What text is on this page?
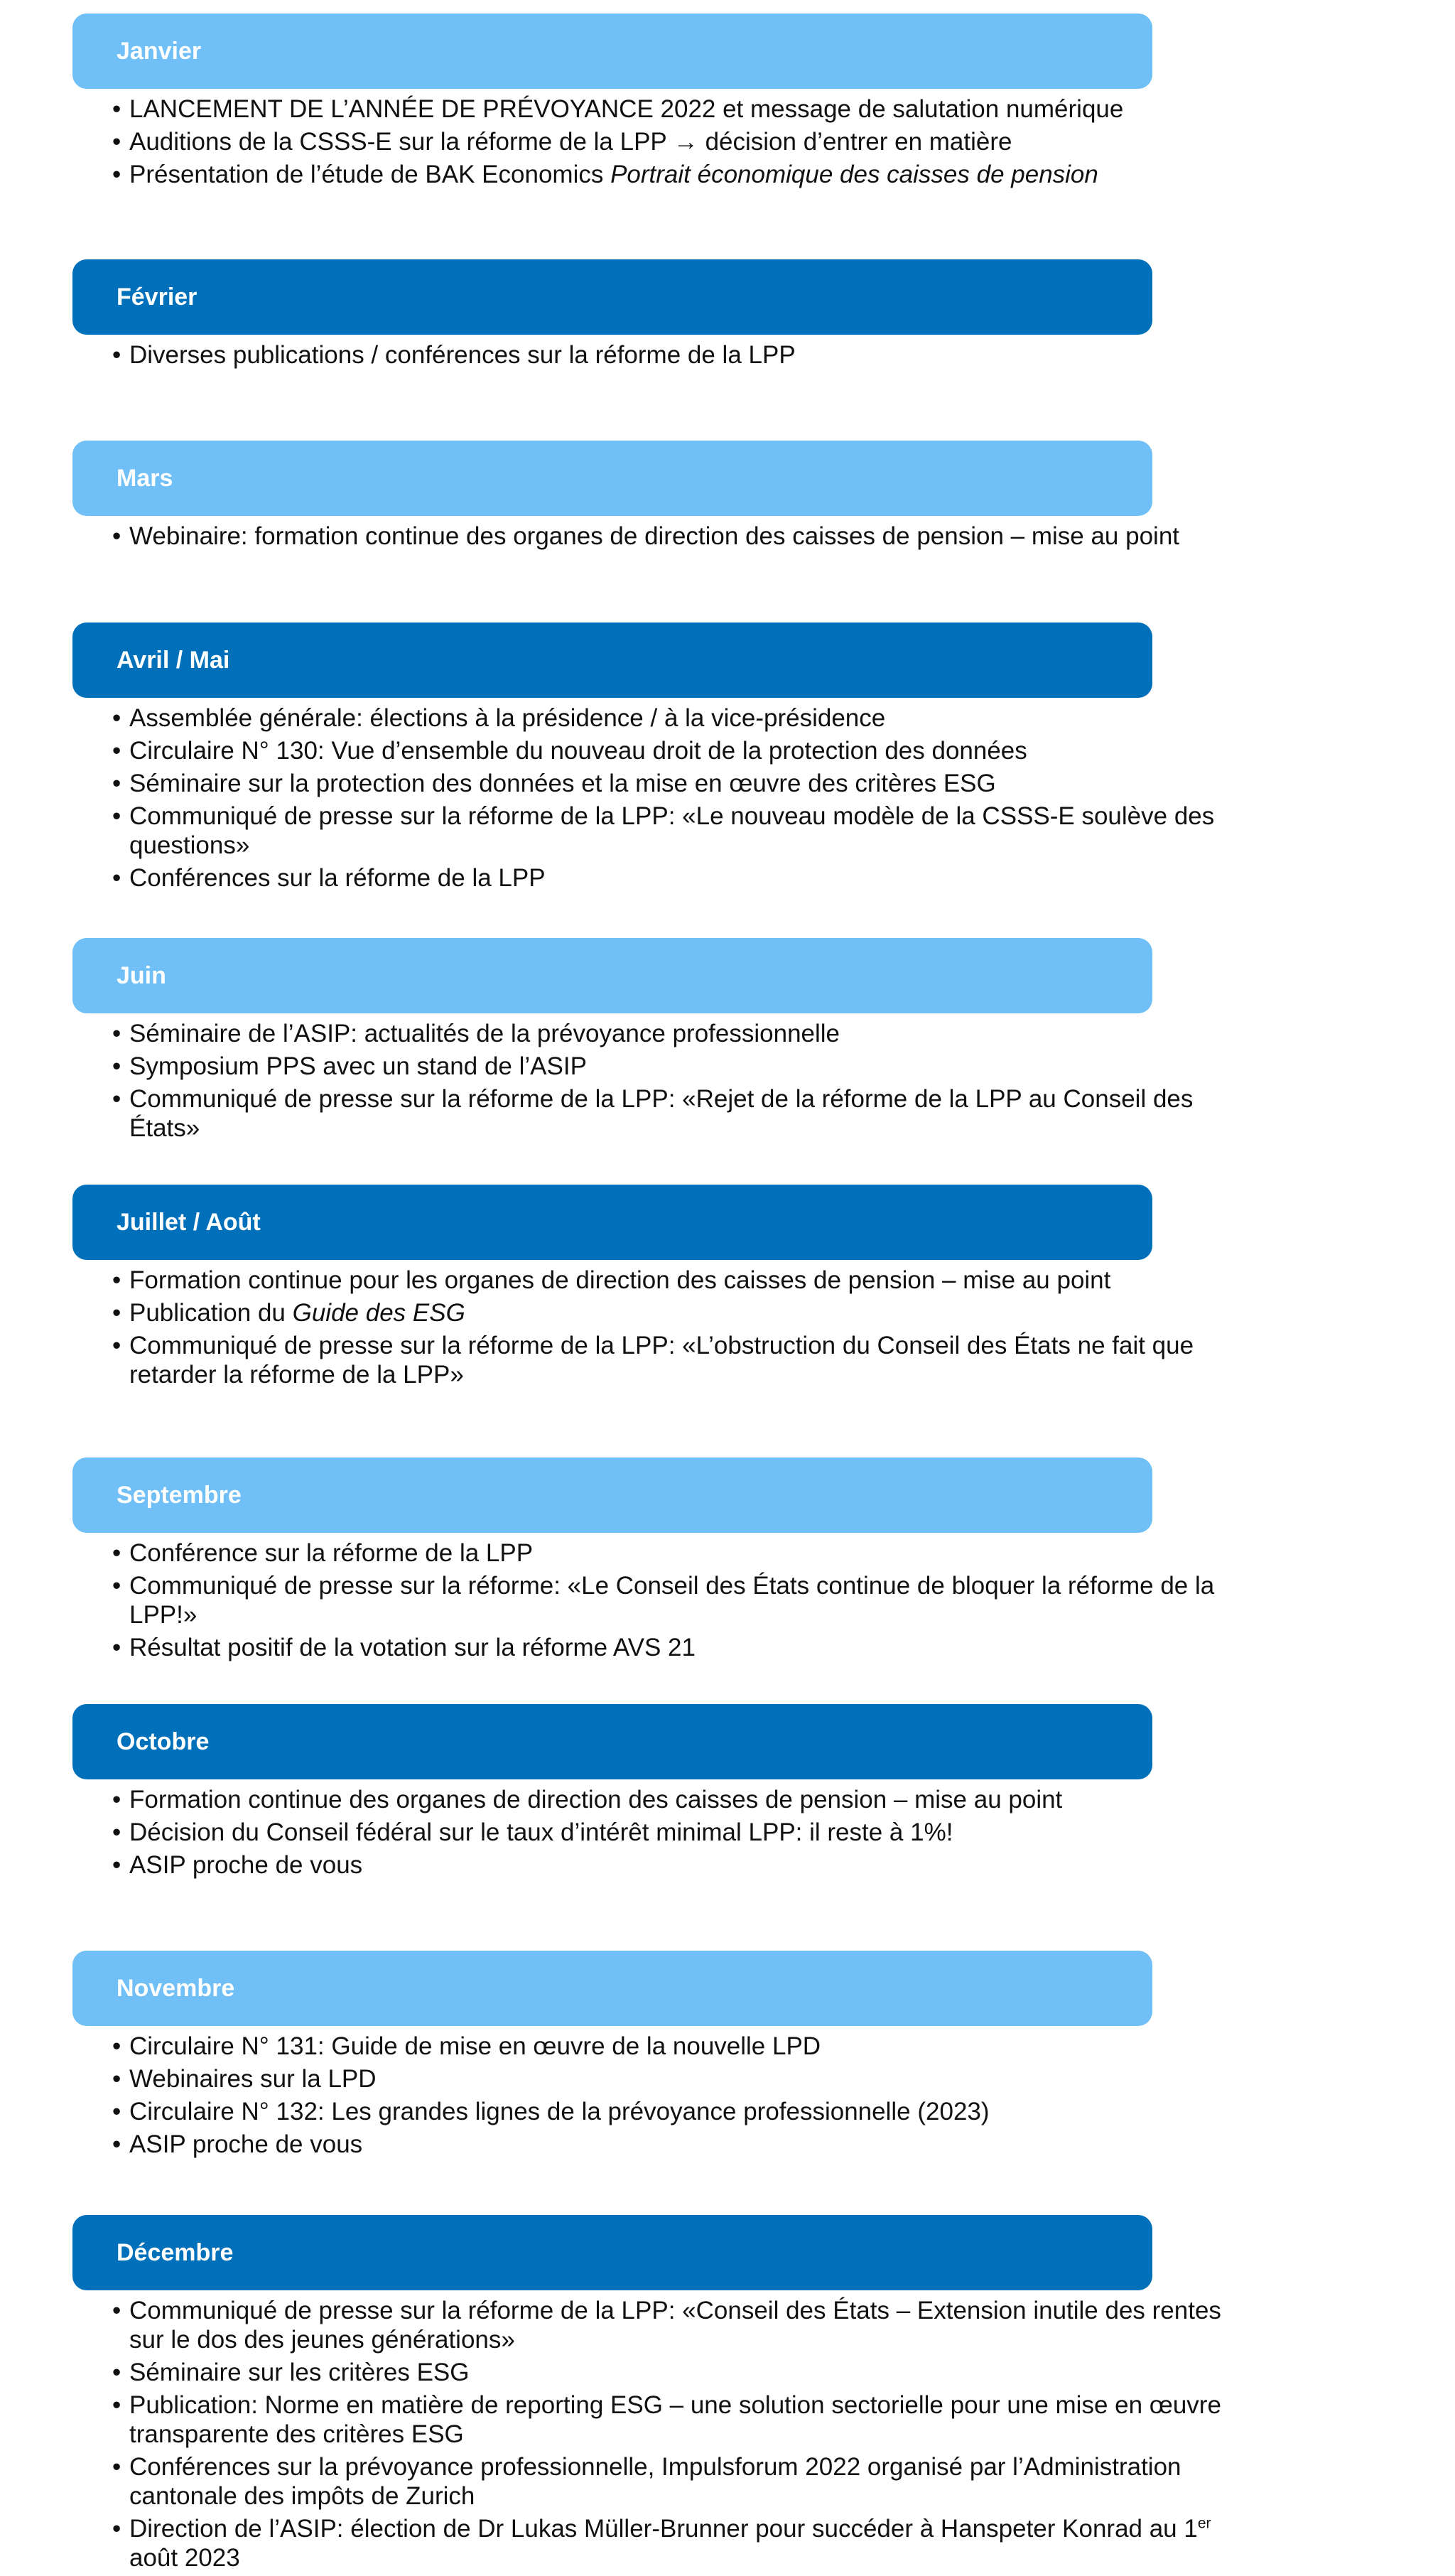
Janvier
• LANCEMENT DE L’ANNÉE DE PRÉVOYANCE 2022 et message de salutation numérique
• Auditions de la CSSS-E sur la réforme de la LPP → décision d’entrer en matière
• Présentation de l’étude de BAK Economics Portrait économique des caisses de pension
Février
• Diverses publications / conférences sur la réforme de la LPP
Mars
• Webinaire: formation continue des organes de direction des caisses de pension – mise au point
Avril / Mai
• Assemblée générale: élections à la présidence / à la vice-présidence
• Circulaire N° 130: Vue d’ensemble du nouveau droit de la protection des données
• Séminaire sur la protection des données et la mise en œuvre des critères ESG
• Communiqué de presse sur la réforme de la LPP: «Le nouveau modèle de la CSSS-E soulève des questions»
• Conférences sur la réforme de la LPP
Juin
• Séminaire de l’ASIP: actualités de la prévoyance professionnelle
• Symposium PPS avec un stand de l’ASIP
• Communiqué de presse sur la réforme de la LPP: «Rejet de la réforme de la LPP au Conseil des États»
Juillet / Août
• Formation continue pour les organes de direction des caisses de pension – mise au point
• Publication du Guide des ESG
• Communiqué de presse sur la réforme de la LPP: «L’obstruction du Conseil des États ne fait que retarder la réforme de la LPP»
Septembre
• Conférence sur la réforme de la LPP
• Communiqué de presse sur la réforme: «Le Conseil des États continue de bloquer la réforme de la LPP!»
• Résultat positif de la votation sur la réforme AVS 21
Octobre
• Formation continue des organes de direction des caisses de pension – mise au point
• Décision du Conseil fédéral sur le taux d’intérêt minimal LPP: il reste à 1%!
• ASIP proche de vous
Novembre
• Circulaire N° 131: Guide de mise en œuvre de la nouvelle LPD
• Webinaires sur la LPD
• Circulaire N° 132: Les grandes lignes de la prévoyance professionnelle (2023)
• ASIP proche de vous
Décembre
• Communiqué de presse sur la réforme de la LPP: «Conseil des États – Extension inutile des rentes sur le dos des jeunes générations»
• Séminaire sur les critères ESG
• Publication: Norme en matière de reporting ESG – une solution sectorielle pour une mise en œuvre transparente des critères ESG
• Conférences sur la prévoyance professionnelle, Impulsforum 2022 organisé par l’Administration cantonale des impôts de Zurich
• Direction de l’ASIP: élection de Dr Lukas Müller-Brunner pour succéder à Hanspeter Konrad au 1er août 2023
